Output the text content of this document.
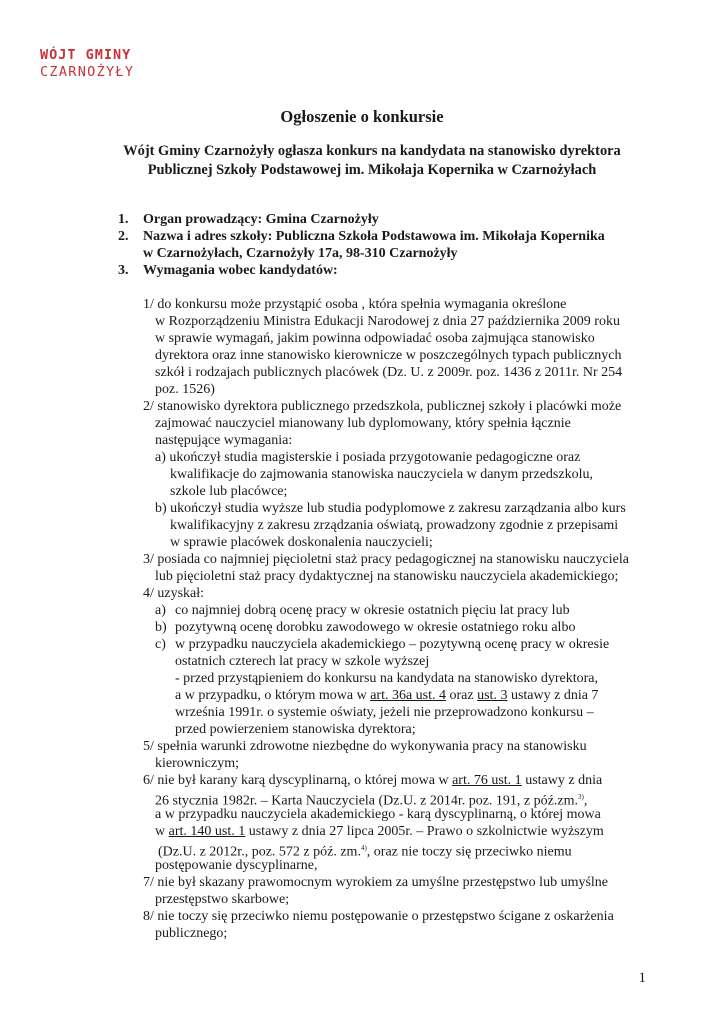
WÓJT GMINY
CZARNOŻYŁY
Ogłoszenie o konkursie
Wójt Gminy Czarnożyły ogłasza konkurs na kandydata na stanowisko dyrektora
Publicznej Szkoły Podstawowej im. Mikołaja Kopernika w Czarnożyłach
1. Organ prowadzący: Gmina Czarnożyły
2. Nazwa i adres szkoły: Publiczna Szkoła Podstawowa im. Mikołaja Kopernika
w Czarnożyłach, Czarnożyły 17a, 98-310 Czarnożyły
3. Wymagania wobec kandydatów:
1/ do konkursu może przystąpić osoba , która spełnia wymagania określone
w Rozporządzeniu Ministra Edukacji Narodowej z dnia 27 października 2009 roku
w sprawie wymagań, jakim powinna odpowiadać osoba zajmująca stanowisko
dyrektora oraz inne stanowisko kierownicze w poszczególnych typach publicznych
szkół i rodzajach publicznych placówek (Dz. U. z 2009r. poz. 1436 z 2011r. Nr 254
poz. 1526)
2/ stanowisko dyrektora publicznego przedszkola, publicznej szkoły i placówki może
zajmować nauczyciel mianowany lub dyplomowany, który spełnia łącznie
następujące wymagania:
a) ukończył studia magisterskie i posiada przygotowanie pedagogiczne oraz
kwalifikacje do zajmowania stanowiska nauczyciela w danym przedszkolu,
szkole lub placówce;
b) ukończył studia wyższe lub studia podyplomowe z zakresu zarządzania albo kurs
kwalifikacyjny z zakresu zrządzania oświatą, prowadzony zgodnie z przepisami
w sprawie placówek doskonalenia nauczycieli;
3/ posiada co najmniej pięcioletni staż pracy pedagogicznej na stanowisku nauczyciela
lub pięcioletni staż pracy dydaktycznej na stanowisku nauczyciela akademickiego;
4/ uzyskał:
a) co najmniej dobrą ocenę pracy w okresie ostatnich pięciu lat pracy lub
b) pozytywną ocenę dorobku zawodowego w okresie ostatniego roku albo
c) w przypadku nauczyciela akademickiego – pozytywną ocenę pracy w okresie
ostatnich czterech lat pracy w szkole wyższej
- przed przystąpieniem do konkursu na kandydata na stanowisko dyrektora,
a w przypadku, o którym mowa w art. 36a ust. 4 oraz ust. 3 ustawy z dnia 7
września 1991r. o systemie oświaty, jeżeli nie przeprowadzono konkursu –
przed powierzeniem stanowiska dyrektora;
5/ spełnia warunki zdrowotne niezbędne do wykonywania pracy na stanowisku
kierowniczym;
6/ nie był karany karą dyscyplinarną, o której mowa w art. 76 ust. 1 ustawy z dnia
26 stycznia 1982r. – Karta Nauczyciela (Dz.U. z 2014r. poz. 191, z póź.zm.$^{3)}$,
a w przypadku nauczyciela akademickiego - karą dyscyplinarną, o której mowa
w art. 140 ust. 1 ustawy z dnia 27 lipca 2005r. – Prawo o szkolnictwie wyższym
(Dz.U. z 2012r., poz. 572 z póź. zm.$^{4)}$, oraz nie toczy się przeciwko niemu
postępowanie dyscyplinarne,
7/ nie był skazany prawomocnym wyrokiem za umyślne przestępstwo lub umyślne
przestępstwo skarbowe;
8/ nie toczy się przeciwko niemu postępowanie o przestępstwo ścigane z oskarżenia
publicznego;
1
